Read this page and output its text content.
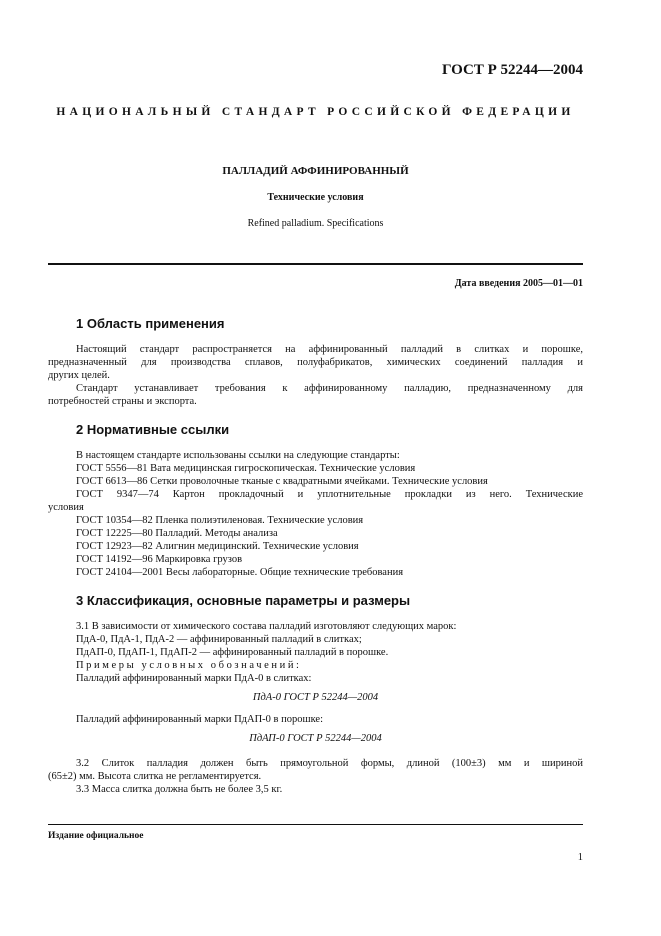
ГОСТ Р 52244—2004
НАЦИОНАЛЬНЫЙ СТАНДАРТ РОССИЙСКОЙ ФЕДЕРАЦИИ
ПАЛЛАДИЙ АФФИНИРОВАННЫЙ
Технические условия
Refined palladium. Specifications
Дата введения 2005—01—01
1 Область применения
Настоящий стандарт распространяется на аффинированный палладий в слитках и порошке,
предназначенный для производства сплавов, полуфабрикатов, химических соединений палладия и
других целей.
Стандарт устанавливает требования к аффинированному палладию, предназначенному для
потребностей страны и экспорта.
2 Нормативные ссылки
В настоящем стандарте использованы ссылки на следующие стандарты:
ГОСТ 5556—81 Вата медицинская гигроскопическая. Технические условия
ГОСТ 6613—86 Сетки проволочные тканые с квадратными ячейками. Технические условия
ГОСТ 9347—74 Картон прокладочный и уплотнительные прокладки из него. Технические
условия
ГОСТ 10354—82 Пленка полиэтиленовая. Технические условия
ГОСТ 12225—80 Палладий. Методы анализа
ГОСТ 12923—82 Алигнин медицинский. Технические условия
ГОСТ 14192—96 Маркировка грузов
ГОСТ 24104—2001 Весы лабораторные. Общие технические требования
3 Классификация, основные параметры и размеры
3.1 В зависимости от химического состава палладий изготовляют следующих марок:
ПдА-0, ПдА-1, ПдА-2 — аффинированный палладий в слитках;
ПдАП-0, ПдАП-1, ПдАП-2 — аффинированный палладий в порошке.
Примеры условных обозначений:
Палладий аффинированный марки ПдА-0 в слитках:
ПдА-0 ГОСТ Р 52244—2004
Палладий аффинированный марки ПдАП-0 в порошке:
ПдАП-0 ГОСТ Р 52244—2004
3.2 Слиток палладия должен быть прямоугольной формы, длиной (100±3) мм и шириной
(65±2) мм. Высота слитка не регламентируется.
3.3 Масса слитка должна быть не более 3,5 кг.
Издание официальное
1
